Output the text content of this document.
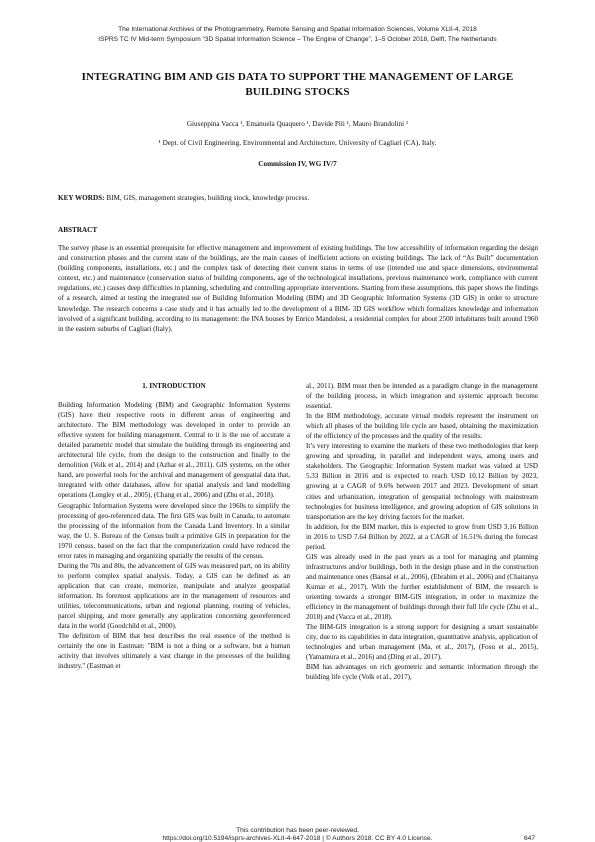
The International Archives of the Photogrammetry, Remote Sensing and Spatial Information Sciences, Volume XLII-4, 2018
ISPRS TC IV Mid-term Symposium “3D Spatial Information Science – The Engine of Change”, 1–5 October 2018, Delft, The Netherlands
INTEGRATING BIM AND GIS DATA TO SUPPORT THE MANAGEMENT OF LARGE BUILDING STOCKS
Giuseppina Vacca ¹, Emanuela Quaquero ¹, Davide Pili ¹, Mauro Brandolini ¹
¹ Dept. of Civil Engineering, Environmental and Architecture, University of Cagliari (CA), Italy.
Commission IV, WG IV/7
KEY WORDS: BIM, GIS, management strategies, building stock, knowledge process.
ABSTRACT
The survey phase is an essential prerequisite for effective management and improvement of existing buildings. The low accessibility of information regarding the design and construction phases and the current state of the buildings, are the main causes of inefficient actions on existing buildings. The lack of “As Built” documentation (building components, installations, etc.) and the complex task of detecting their current status in terms of use (intended use and space dimensions, environmental context, etc.) and maintenance (conservation status of building components, age of the technological installations, previous maintenance work, compliance with current regulations, etc.) causes deep difficulties in planning, scheduling and controlling appropriate interventions. Starting from these assumptions, this paper shows the findings of a research, aimed at testing the integrated use of Building Information Modeling (BIM) and 3D Geographic Information Systems (3D GIS) in order to structure knowledge. The research concerns a case study and it has actually led to the development of a BIM- 3D GIS workflow which formalizes knowledge and information involved of a significant building, according to its management: the INA houses by Enrico Mandolesi, a residential complex for about 2500 inhabitants built around 1960 in the eastern suburbs of Cagliari (Italy).

1. INTRODUCTION

Building Information Modeling (BIM) and Geographic Information Systems (GIS) have their respective roots in different areas of engineering and architecture. The BIM methodology was developed in order to provide an effective system for building management. Central to it is the use of accurate a detailed parametric model that simulate the building through its engineering and architectural life cycle, from the design to the construction and finally to the demolition (Volk et al., 2014) and (Azhar et al., 2011). GIS systems, on the other hand, are powerful tools for the archival and management of geospatial data that, integrated with other databases, allow for spatial analysis and land modelling operations (Longley et al., 2005), (Chang et al., 2006) and (Zhu et al., 2018).

Geographic Information Systems were developed since the 1960s to simplify the processing of geo-referenced data. The first GIS was built in Canada, to automate the processing of the information from the Canada Land Inventory. In a similar way, the U. S. Bureau of the Census built a primitive GIS in preparation for the 1970 census, based on the fact that the computerization could have reduced the error rates in managing and organizing spatially the results of the census.

During the 70s and 80s, the advancement of GIS was measured part, on its ability to perform complex spatial analysis. Today, a GIS can be defined as an application that can create, memorize, manipulate and analyze geospatial information. Its foremost applications are in the management of resources and utilities, telecommunications, urban and regional planning, routing of vehicles, parcel shipping, and more generally any application concerning georeferenced data in the world (Goodchild et al., 2000).

The definition of BIM that best describes the real essence of the method is certainly the one in Eastman: "BIM is not a thing or a software, but a human activity that involves ultimately a vast change in the processes of the building industry." (Eastman et

al., 2011). BIM must then be intended as a paradigm change in the management of the building process, in which integration and systemic approach become essential.

In the BIM methodology, accurate virtual models represent the instrument on which all phases of the building life cycle are based, obtaining the maximization of the efficiency of the processes and the quality of the results.

It’s very interesting to examine the markets of these two methodologies that keep growing and spreading, in parallel and independent ways, among users and stakeholders. The Geographic Information System market was valued at USD 5.33 Billion in 2016 and is expected to reach USD 10.12 Billion by 2023, growing at a CAGR of 9.6% between 2017 and 2023. Development of smart cities and urbanization, integration of geospatial technology with mainstream technologies for business intelligence, and growing adoption of GIS solutions in transportation are the key driving factors for the market.

In addition, for the BIM market, this is expected to grow from USD 3.16 Billion in 2016 to USD 7.64 Billion by 2022, at a CAGR of 16.51% during the forecast period.

GIS was already used in the past years as a tool for managing and planning infrastructures and/or buildings, both in the design phase and in the construction and maintenance ones (Bansal et al., 2006), (Ebrahim et al., 2006) and (Chaitanya Kumar et al., 2017). With the further establishment of BIM, the research is orienting towards a stronger BIM-GIS integration, in order to maximize the efficiency in the management of buildings through their full life cycle (Zhu et al., 2018) and (Vacca et al., 2018).

The BIM-GIS integration is a strong support for designing a smart sustainable city, due to its capabilities in data integration, quantitative analysis, application of technologies and urban management (Ma, et al., 2017), (Fosu et al., 2015), (Yamamura et al., 2016) and (Ding et al., 2017).

BIM has advantages on rich geometric and semantic information through the building life cycle (Volk et al., 2017),

This contribution has been peer-reviewed.
https://doi.org/10.5194/isprs-archives-XLII-4-647-2018 | © Authors 2018. CC BY 4.0 License.	647
